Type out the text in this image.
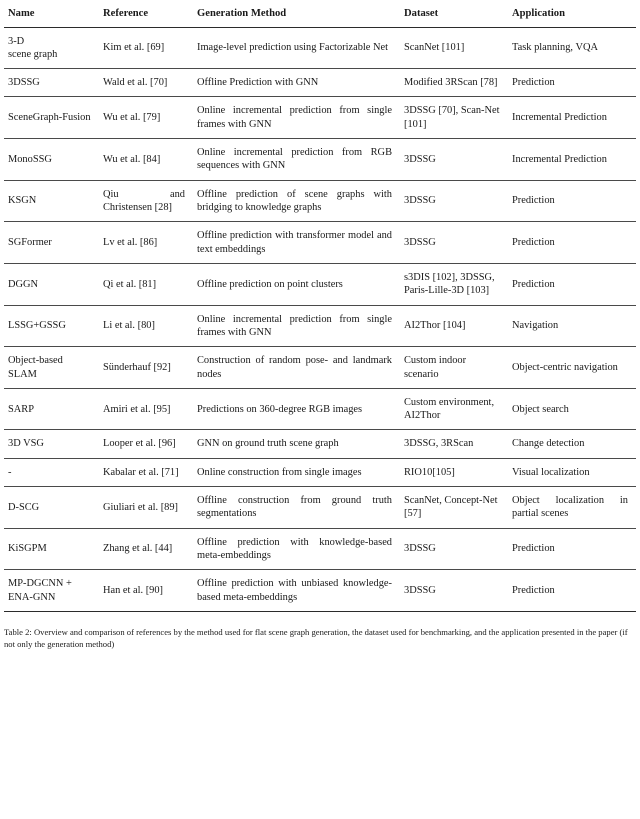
Name	Reference	Generation Method	Dataset	Application

3-D
scene graph	Kim et al. [69]	Image-level prediction using Factorizable Net	ScanNet [101]	Task planning, VQA
3DSSG	Wald et al. [70]	Offline Prediction with GNN	Modified 3RScan [78]	Prediction
SceneGraph-Fusion	Wu et al. [79]	Online incremental prediction from single frames with GNN	3DSSG [70], Scan-Net [101]	Incremental Prediction
MonoSSG	Wu et al. [84]	Online incremental prediction from RGB sequences with GNN	3DSSG	Incremental Prediction
KSGN	Qiu and Christensen [28]	Offline prediction of scene graphs with bridging to knowledge graphs	3DSSG	Prediction
SGFormer	Lv et al. [86]	Offline prediction with transformer model and text embeddings	3DSSG	Prediction
DGGN	Qi et al. [81]	Offline prediction on point clusters	s3DIS [102], 3DSSG, Paris-Lille-3D [103]	Prediction
LSSG+GSSG	Li et al. [80]	Online incremental prediction from single frames with GNN	AI2Thor [104]	Navigation
Object-based SLAM	Sünderhauf [92]	Construction of random pose- and landmark nodes	Custom indoor scenario	Object-centric navigation
SARP	Amiri et al. [95]	Predictions on 360-degree RGB images	Custom environment, AI2Thor	Object search
3D VSG	Looper et al. [96]	GNN on ground truth scene graph	3DSSG, 3RScan	Change detection
-	Kabalar et al. [71]	Online construction from single images	RIO10[105]	Visual localization
D-SCG	Giuliari et al. [89]	Offline construction from ground truth segmentations	ScanNet, Concept-Net [57]	Object localization in partial scenes
KiSGPM	Zhang et al. [44]	Offline prediction with knowledge-based meta-embeddings	3DSSG	Prediction
MP-DGCNN + ENA-GNN	Han et al. [90]	Offline prediction with unbiased knowledge-based meta-embeddings	3DSSG	Prediction
Table 2: Overview and comparison of references by the method used for flat scene graph generation, the dataset used for benchmarking, and the application presented in the paper (if not only the generation method)
